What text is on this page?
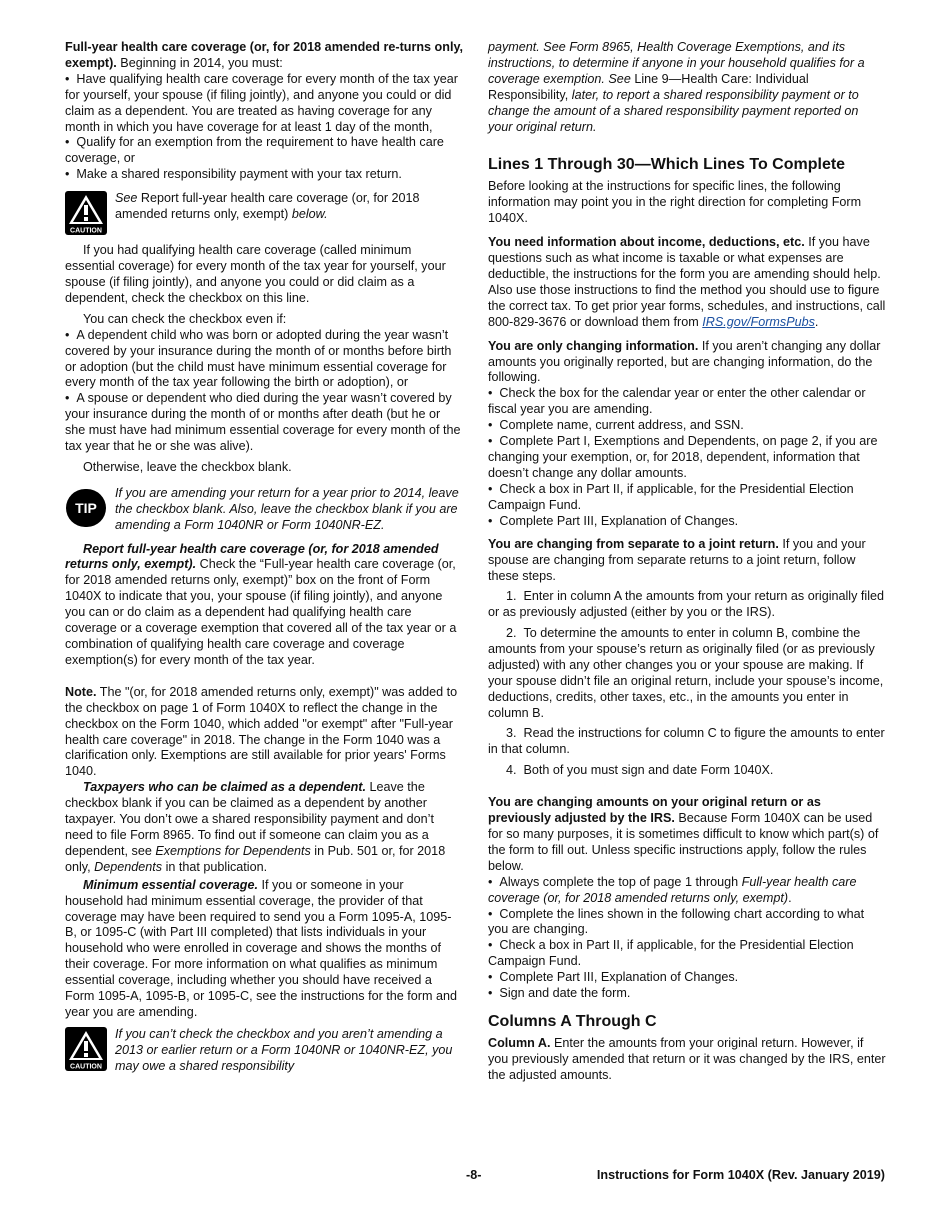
Full-year health care coverage (or, for 2018 amended re-turns only, exempt). Beginning in 2014, you must:

•  Have qualifying health care coverage for every month of the tax year for yourself, your spouse (if filing jointly), and anyone you could or did claim as a dependent. You are treated as having coverage for any month in which you have coverage for at least 1 day of the month,

•  Qualify for an exemption from the requirement to have health care coverage, or

•  Make a shared responsibility payment with your tax return.

CAUTION

See Report full-year health care coverage (or, for 2018 amended returns only, exempt) below.

If you had qualifying health care coverage (called minimum essential coverage) for every month of the tax year for yourself, your spouse (if filing jointly), and anyone you could or did claim as a dependent, check the checkbox on this line.

You can check the checkbox even if:

•  A dependent child who was born or adopted during the year wasn’t covered by your insurance during the month of or months before birth or adoption (but the child must have minimum essential coverage for every month of the tax year following the birth or adoption), or

•  A spouse or dependent who died during the year wasn’t covered by your insurance during the month of or months after death (but he or she must have had minimum essential coverage for every month of the tax year that he or she was alive).

Otherwise, leave the checkbox blank.

TIP

If you are amending your return for a year prior to 2014, leave the checkbox blank. Also, leave the checkbox blank if you are amending a Form 1040NR or Form 1040NR-EZ.

Report full-year health care coverage (or, for 2018 amended returns only, exempt). Check the “Full-year health care coverage (or, for 2018 amended returns only, exempt)” box on the front of Form 1040X to indicate that you, your spouse (if filing jointly), and anyone you can or do claim as a dependent had qualifying health care coverage or a coverage exemption that covered all of the tax year or a combination of qualifying health care coverage and coverage exemption(s) for every month of the tax year.

Note. The "(or, for 2018 amended returns only, exempt)" was added to the checkbox on page 1 of Form 1040X to reflect the change in the checkbox on the Form 1040, which added "or exempt" after "Full-year health care coverage" in 2018. The change in the Form 1040 was a clarification only. Exemptions are still available for prior years' Forms 1040.

Taxpayers who can be claimed as a dependent. Leave the checkbox blank if you can be claimed as a dependent by another taxpayer. You don’t owe a shared responsibility payment and don’t need to file Form 8965. To find out if someone can claim you as a dependent, see Exemptions for Dependents in Pub. 501 or, for 2018 only, Dependents in that publication.

Minimum essential coverage. If you or someone in your household had minimum essential coverage, the provider of that coverage may have been required to send you a Form 1095-A, 1095-B, or 1095-C (with Part III completed) that lists individuals in your household who were enrolled in coverage and shows the months of their coverage. For more information on what qualifies as minimum essential coverage, including whether you should have received a Form 1095-A, 1095-B, or 1095-C, see the instructions for the form and year you are amending.

CAUTION

If you can’t check the checkbox and you aren’t amending a 2013 or earlier return or a Form 1040NR or 1040NR-EZ, you may owe a shared responsibility

payment. See Form 8965, Health Coverage Exemptions, and its instructions, to determine if anyone in your household qualifies for a coverage exemption. See Line 9—Health Care: Individual Responsibility, later, to report a shared responsibility payment or to change the amount of a shared responsibility payment reported on your original return.

Lines 1 Through 30—Which Lines To Complete

Before looking at the instructions for specific lines, the following information may point you in the right direction for completing Form 1040X.

You need information about income, deductions, etc. If you have questions such as what income is taxable or what expenses are deductible, the instructions for the form you are amending should help. Also use those instructions to find the method you should use to figure the correct tax. To get prior year forms, schedules, and instructions, call 800-829-3676 or download them from IRS.gov/FormsPubs.

You are only changing information. If you aren’t changing any dollar amounts you originally reported, but are changing information, do the following.

•  Check the box for the calendar year or enter the other calendar or fiscal year you are amending.

•  Complete name, current address, and SSN.

•  Complete Part I, Exemptions and Dependents, on page 2, if you are changing your exemption, or, for 2018, dependent, information that doesn’t change any dollar amounts.

•  Check a box in Part II, if applicable, for the Presidential Election Campaign Fund.

•  Complete Part III, Explanation of Changes.

You are changing from separate to a joint return. If you and your spouse are changing from separate returns to a joint return, follow these steps.

1.  Enter in column A the amounts from your return as originally filed or as previously adjusted (either by you or the IRS).

2.  To determine the amounts to enter in column B, combine the amounts from your spouse’s return as originally filed (or as previously adjusted) with any other changes you or your spouse are making. If your spouse didn’t file an original return, include your spouse’s income, deductions, credits, other taxes, etc., in the amounts you enter in column B.

3.  Read the instructions for column C to figure the amounts to enter in that column.

4.  Both of you must sign and date Form 1040X.

You are changing amounts on your original return or as previously adjusted by the IRS. Because Form 1040X can be used for so many purposes, it is sometimes difficult to know which part(s) of the form to fill out. Unless specific instructions apply, follow the rules below.

•  Always complete the top of page 1 through Full-year health care coverage (or, for 2018 amended returns only, exempt).

•  Complete the lines shown in the following chart according to what you are changing.

•  Check a box in Part II, if applicable, for the Presidential Election Campaign Fund.

•  Complete Part III, Explanation of Changes.

•  Sign and date the form.

Columns A Through C

Column A. Enter the amounts from your original return. However, if you previously amended that return or it was changed by the IRS, enter the adjusted amounts.

-8-	Instructions for Form 1040X (Rev. January 2019)
